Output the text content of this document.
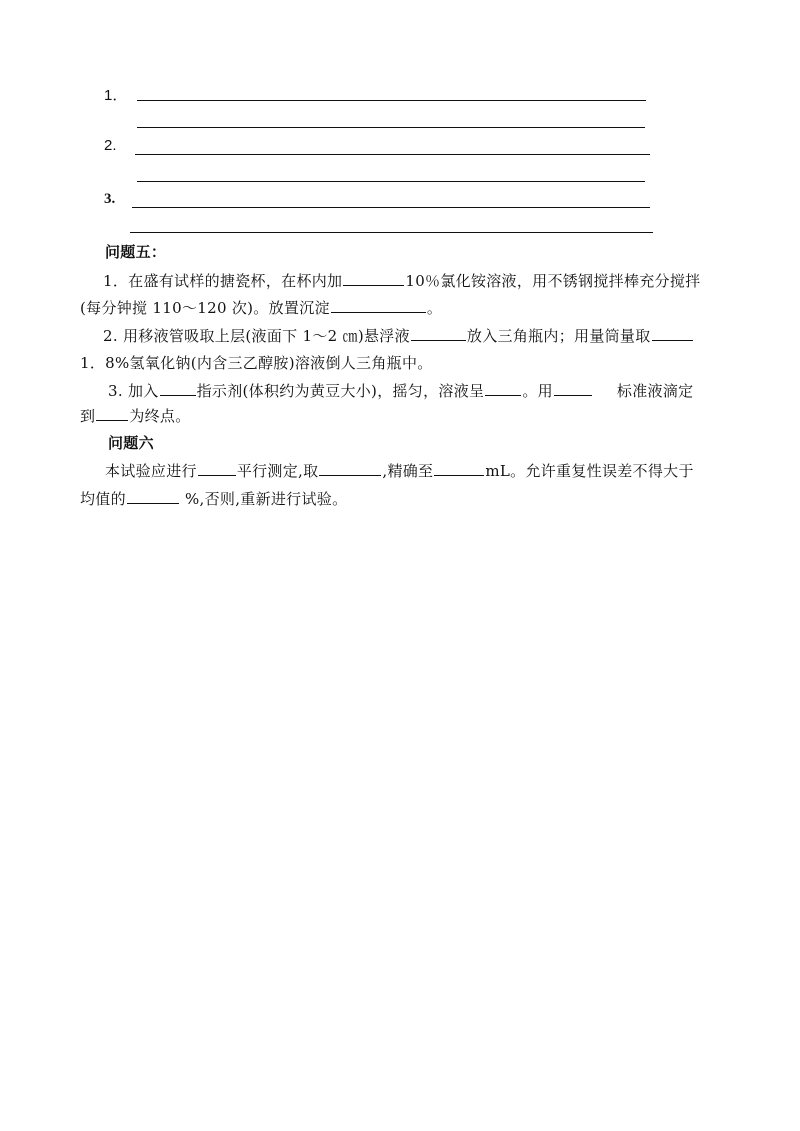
1．
2.
3.
问题五：
1．在盛有试样的搪瓷杯，在杯内加	10％氯化铵溶液，用不锈钢搅拌棒充分搅拌
(每分钟搅 110～120 次)。放置沉淀	。
2. 用移液管吸取上层(液面下 1～2 ㎝)悬浮液	放入三角瓶内；用量筒量取
1．8%氢氧化钠(内含三乙醇胺)溶液倒人三角瓶中。
3. 加入	指示剂(体积约为黄豆大小)，摇匀，溶液呈	。用	标准液滴定
到 为终点。
问题六
本试验应进行	平行测定,取	,精确至	mL。允许重复性误差不得大于
均值的	%,否则,重新进行试验。
